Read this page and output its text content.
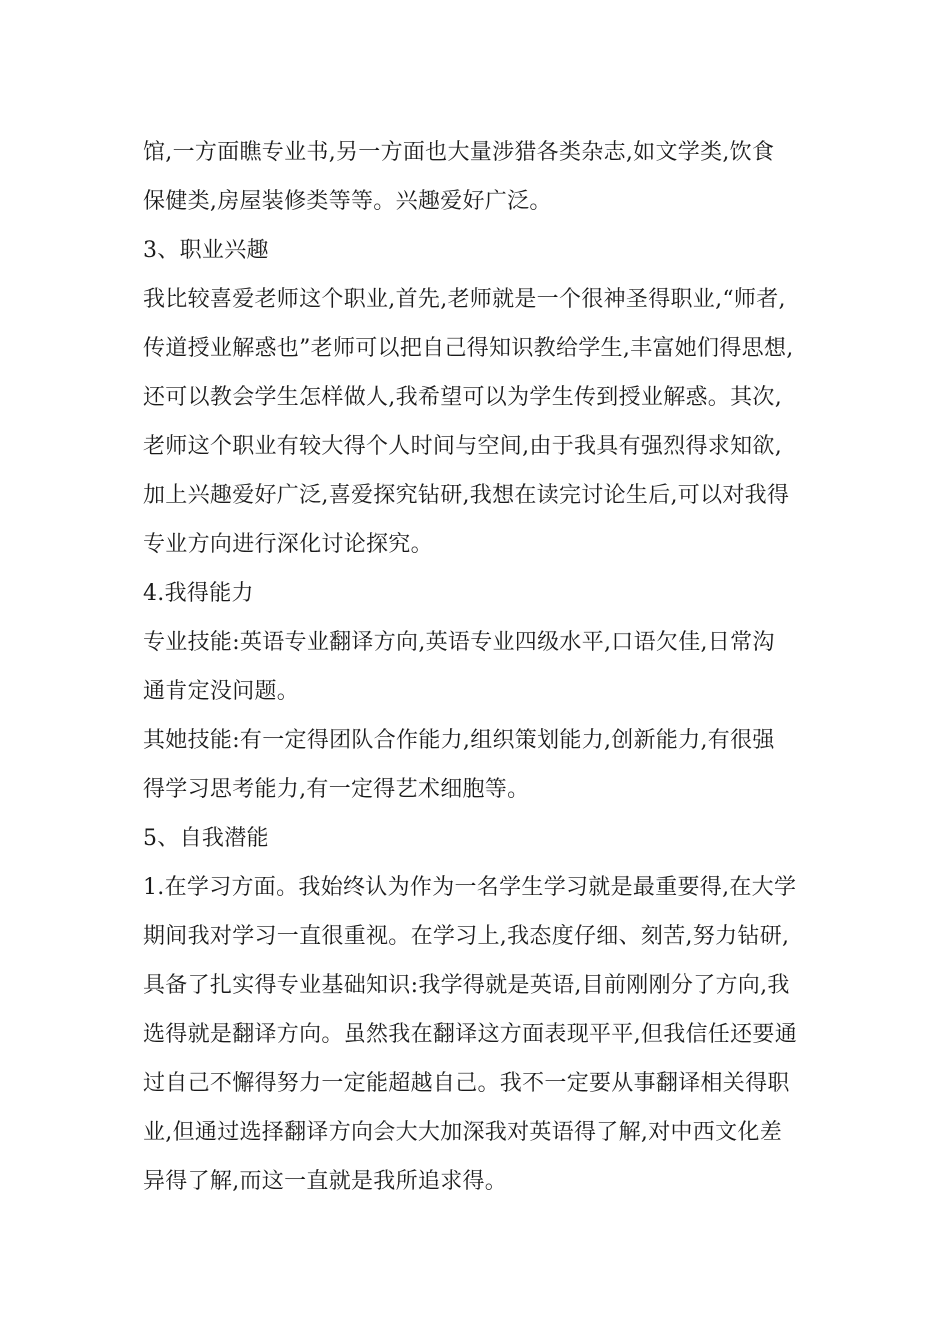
馆,一方面瞧专业书,另一方面也大量涉猎各类杂志,如文学类,饮食
保健类,房屋装修类等等。兴趣爱好广泛。
3、职业兴趣
我比较喜爱老师这个职业,首先,老师就是一个很神圣得职业,“师者,
传道授业解惑也”老师可以把自己得知识教给学生,丰富她们得思想,
还可以教会学生怎样做人,我希望可以为学生传到授业解惑。其次,
老师这个职业有较大得个人时间与空间,由于我具有强烈得求知欲,
加上兴趣爱好广泛,喜爱探究钻研,我想在读完讨论生后,可以对我得
专业方向进行深化讨论探究。
4.我得能力
专业技能:英语专业翻译方向,英语专业四级水平,口语欠佳,日常沟
通肯定没问题。
其她技能:有一定得团队合作能力,组织策划能力,创新能力,有很强
得学习思考能力,有一定得艺术细胞等。
5、自我潜能
1.在学习方面。我始终认为作为一名学生学习就是最重要得,在大学
期间我对学习一直很重视。在学习上,我态度仔细、刻苦,努力钻研,
具备了扎实得专业基础知识:我学得就是英语,目前刚刚分了方向,我
选得就是翻译方向。虽然我在翻译这方面表现平平,但我信任还要通
过自己不懈得努力一定能超越自己。我不一定要从事翻译相关得职
业,但通过选择翻译方向会大大加深我对英语得了解,对中西文化差
异得了解,而这一直就是我所追求得。
